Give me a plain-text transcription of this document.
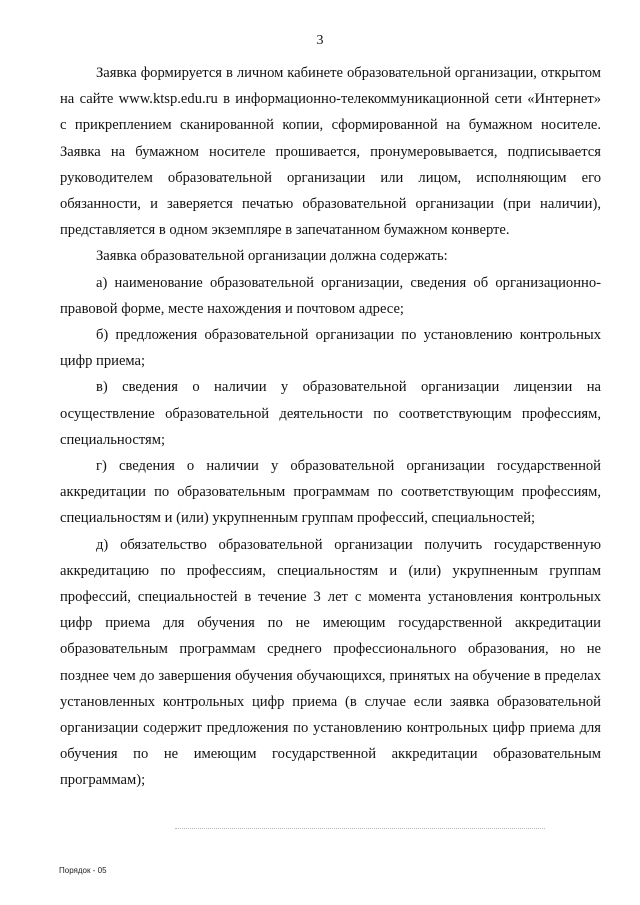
3

Заявка формируется в личном кабинете образовательной организации, открытом на сайте www.ktsp.edu.ru в информационно-телекоммуникационной сети «Интернет» с прикреплением сканированной копии, сформированной на бумажном носителе. Заявка на бумажном носителе прошивается, пронумеровывается, подписывается руководителем образовательной организации или лицом, исполняющим его обязанности, и заверяется печатью образовательной организации (при наличии), представляется в одном экземпляре в запечатанном бумажном конверте.

Заявка образовательной организации должна содержать:

а) наименование образовательной организации, сведения об организационно-правовой форме, месте нахождения и почтовом адресе;

б) предложения образовательной организации по установлению контрольных цифр приема;

в) сведения о наличии у образовательной организации лицензии на осуществление образовательной деятельности по соответствующим профессиям, специальностям;

г) сведения о наличии у образовательной организации государственной аккредитации по образовательным программам по соответствующим профессиям, специальностям и (или) укрупненным группам профессий, специальностей;

д) обязательство образовательной организации получить государственную аккредитацию по профессиям, специальностям и (или) укрупненным группам профессий, специальностей в течение 3 лет с момента установления контрольных цифр приема для обучения по не имеющим государственной аккредитации образовательным программам среднего профессионального образования, но не позднее чем до завершения обучения обучающихся, принятых на обучение в пределах установленных контрольных цифр приема (в случае если заявка образовательной организации содержит предложения по установлению контрольных цифр приема для обучения по не имеющим государственной аккредитации образовательным программам);

Порядок - 05
